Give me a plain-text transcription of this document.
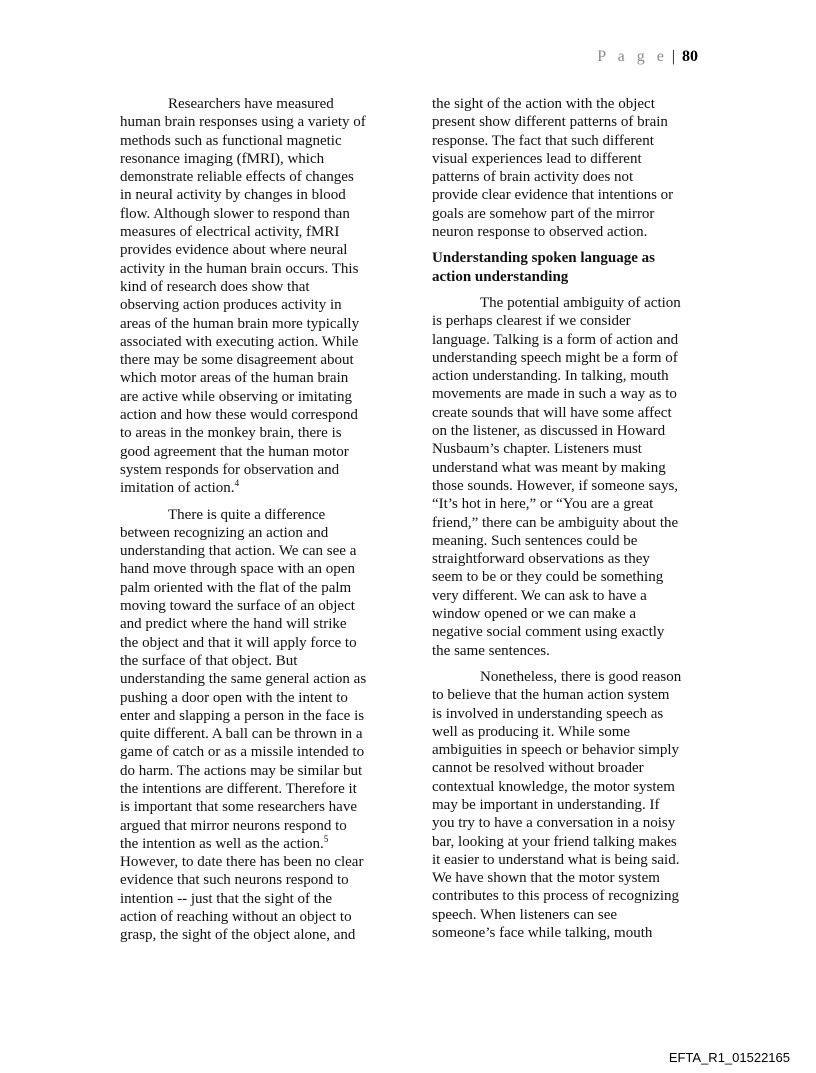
P a g e | 80
Researchers have measured
human brain responses using a variety of
methods such as functional magnetic
resonance imaging (fMRI), which
demonstrate reliable effects of changes
in neural activity by changes in blood
flow. Although slower to respond than
measures of electrical activity, fMRI
provides evidence about where neural
activity in the human brain occurs. This
kind of research does show that
observing action produces activity in
areas of the human brain more typically
associated with executing action. While
there may be some disagreement about
which motor areas of the human brain
are active while observing or imitating
action and how these would correspond
to areas in the monkey brain, there is
good agreement that the human motor
system responds for observation and
imitation of action.$^4$
There is quite a difference
between recognizing an action and
understanding that action. We can see a
hand move through space with an open
palm oriented with the flat of the palm
moving toward the surface of an object
and predict where the hand will strike
the object and that it will apply force to
the surface of that object. But
understanding the same general action as
pushing a door open with the intent to
enter and slapping a person in the face is
quite different. A ball can be thrown in a
game of catch or as a missile intended to
do harm. The actions may be similar but
the intentions are different. Therefore it
is important that some researchers have
argued that mirror neurons respond to
the intention as well as the action.$^5$
However, to date there has been no clear
evidence that such neurons respond to
intention -- just that the sight of the
action of reaching without an object to
grasp, the sight of the object alone, and
the sight of the action with the object
present show different patterns of brain
response. The fact that such different
visual experiences lead to different
patterns of brain activity does not
provide clear evidence that intentions or
goals are somehow part of the mirror
neuron response to observed action.
Understanding spoken language as
action understanding
The potential ambiguity of action
is perhaps clearest if we consider
language. Talking is a form of action and
understanding speech might be a form of
action understanding. In talking, mouth
movements are made in such a way as to
create sounds that will have some affect
on the listener, as discussed in Howard
Nusbaum’s chapter. Listeners must
understand what was meant by making
those sounds. However, if someone says,
“It’s hot in here,” or “You are a great
friend,” there can be ambiguity about the
meaning. Such sentences could be
straightforward observations as they
seem to be or they could be something
very different. We can ask to have a
window opened or we can make a
negative social comment using exactly
the same sentences.
Nonetheless, there is good reason
to believe that the human action system
is involved in understanding speech as
well as producing it. While some
ambiguities in speech or behavior simply
cannot be resolved without broader
contextual knowledge, the motor system
may be important in understanding. If
you try to have a conversation in a noisy
bar, looking at your friend talking makes
it easier to understand what is being said.
We have shown that the motor system
contributes to this process of recognizing
speech. When listeners can see
someone’s face while talking, mouth
EFTA_R1_01522165
